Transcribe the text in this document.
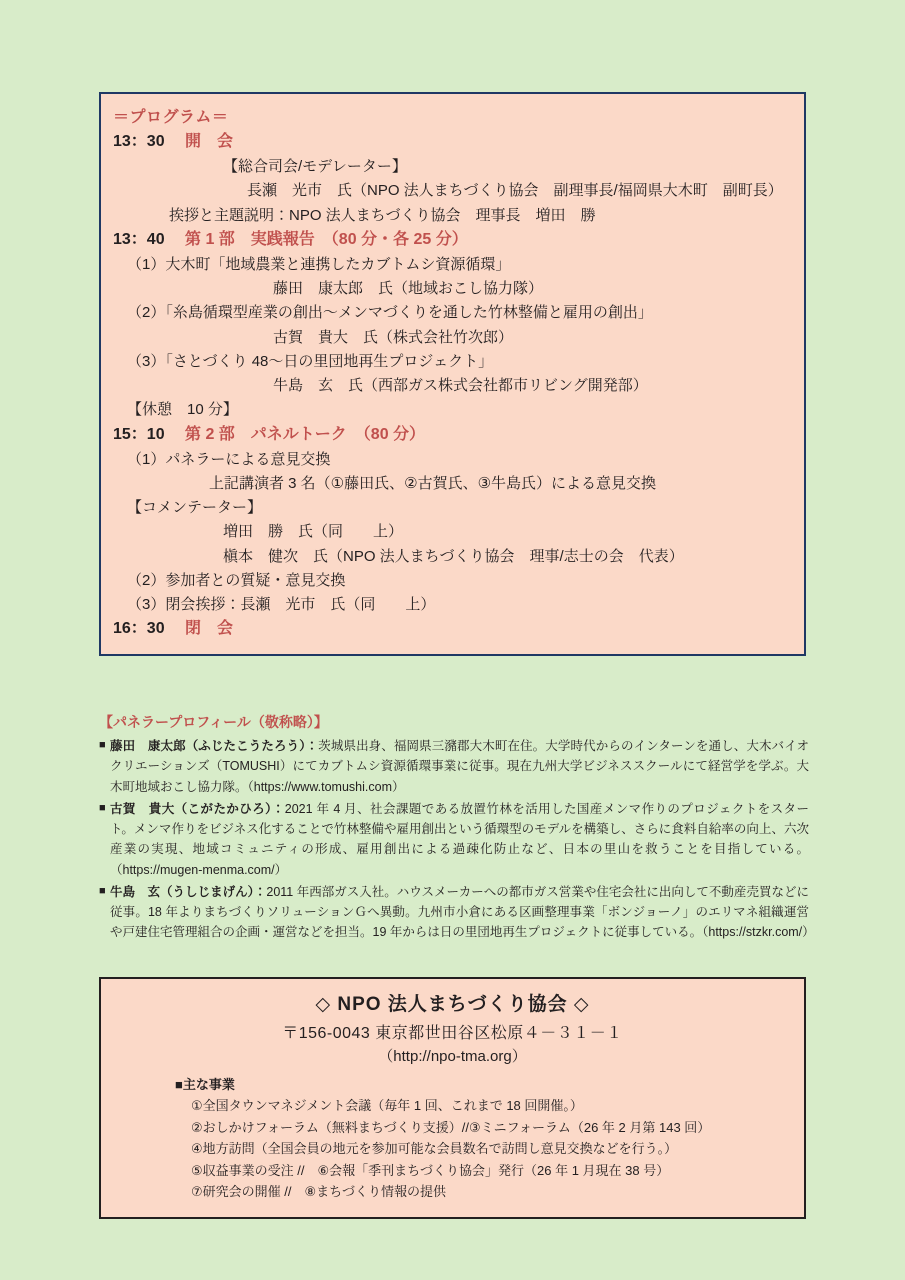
＝プログラム＝
13：30	開　会
【総合司会/モデレーター】
長瀬　光市　氏（NPO 法人まちづくり協会　副理事長/福岡県大木町　副町長）
挨拶と主題説明：NPO 法人まちづくり協会　理事長　増田　勝
13：40	第 1 部　実践報告　（80 分・各 25 分）
（1）大木町「地域農業と連携したカブトムシ資源循環」
藤田　康太郎　氏（地域おこし協力隊）
（2）「糸島循環型産業の創出～メンマづくりを通した竹林整備と雇用の創出」
古賀　貴大　氏（株式会社竹次郎）
（3）「さとづくり 48～日の里団地再生プロジェクト」
牛島　玄　氏（西部ガス株式会社都市リビング開発部）
【休憩　10 分】
15：10	第 2 部　パネルトーク　（80 分）
（1）パネラーによる意見交換
上記講演者 3 名（①藤田氏、②古賀氏、③牛島氏）による意見交換
【コメンテーター】
増田　勝　氏（同　　上）
槇本　健次　氏（NPO 法人まちづくり協会　理事/志士の会　代表）
（2）参加者との質疑・意見交換
（3）閉会挨拶：長瀬　光市　氏（同　　上）
16：30	閉　会
【パネラープロフィール（敬称略）】
■ 藤田　康太郎（ふじたこうたろう）：茨城県出身、福岡県三瀦郡大木町在住。大学時代からのインターンを通し、大木バイオクリエーションズ（TOMUSHI）にてカブトムシ資源循環事業に従事。現在九州大学ビジネススクールにて経営学を学ぶ。大木町地域おこし協力隊。（https://www.tomushi.com）
■ 古賀　貴大（こがたかひろ）：2021 年 4 月、社会課題である放置竹林を活用した国産メンマ作りのプロジェクトをスタート。メンマ作りをビジネス化することで竹林整備や雇用創出という循環型のモデルを構築し、さらに食料自給率の向上、六次産業の実現、地域コミュニティの形成、雇用創出による過疎化防止など、日本の里山を救うことを目指している。（https://mugen-menma.com/）
■ 牛島　玄（うしじまげん）：2011 年西部ガス入社。ハウスメーカーへの都市ガス営業や住宅会社に出向して不動産売買などに従事。18 年よりまちづくりソリューションＧへ異動。九州市小倉にある区画整理事業「ボンジョーノ」のエリマネ組織運営や戸建住宅管理組合の企画・運営などを担当。19 年からは日の里団地再生プロジェクトに従事している。（https://stzkr.com/）
◇ NPO 法人まちづくり協会 ◇
〒156-0043 東京都世田谷区松原４－３１－１
（http://npo-tma.org）
■主な事業
①全国タウンマネジメント会議（毎年 1 回、これまで 18 回開催。）
②おしかけフォーラム（無料まちづくり支援）//③ミニフォーラム（26 年 2 月第 143 回）
④地方訪問（全国会員の地元を参加可能な会員数名で訪問し意見交換などを行う。）
⑤収益事業の受注 //　⑥会報「季刊まちづくり協会」発行（26 年 1 月現在 38 号）
⑦研究会の開催 //　⑧まちづくり情報の提供
